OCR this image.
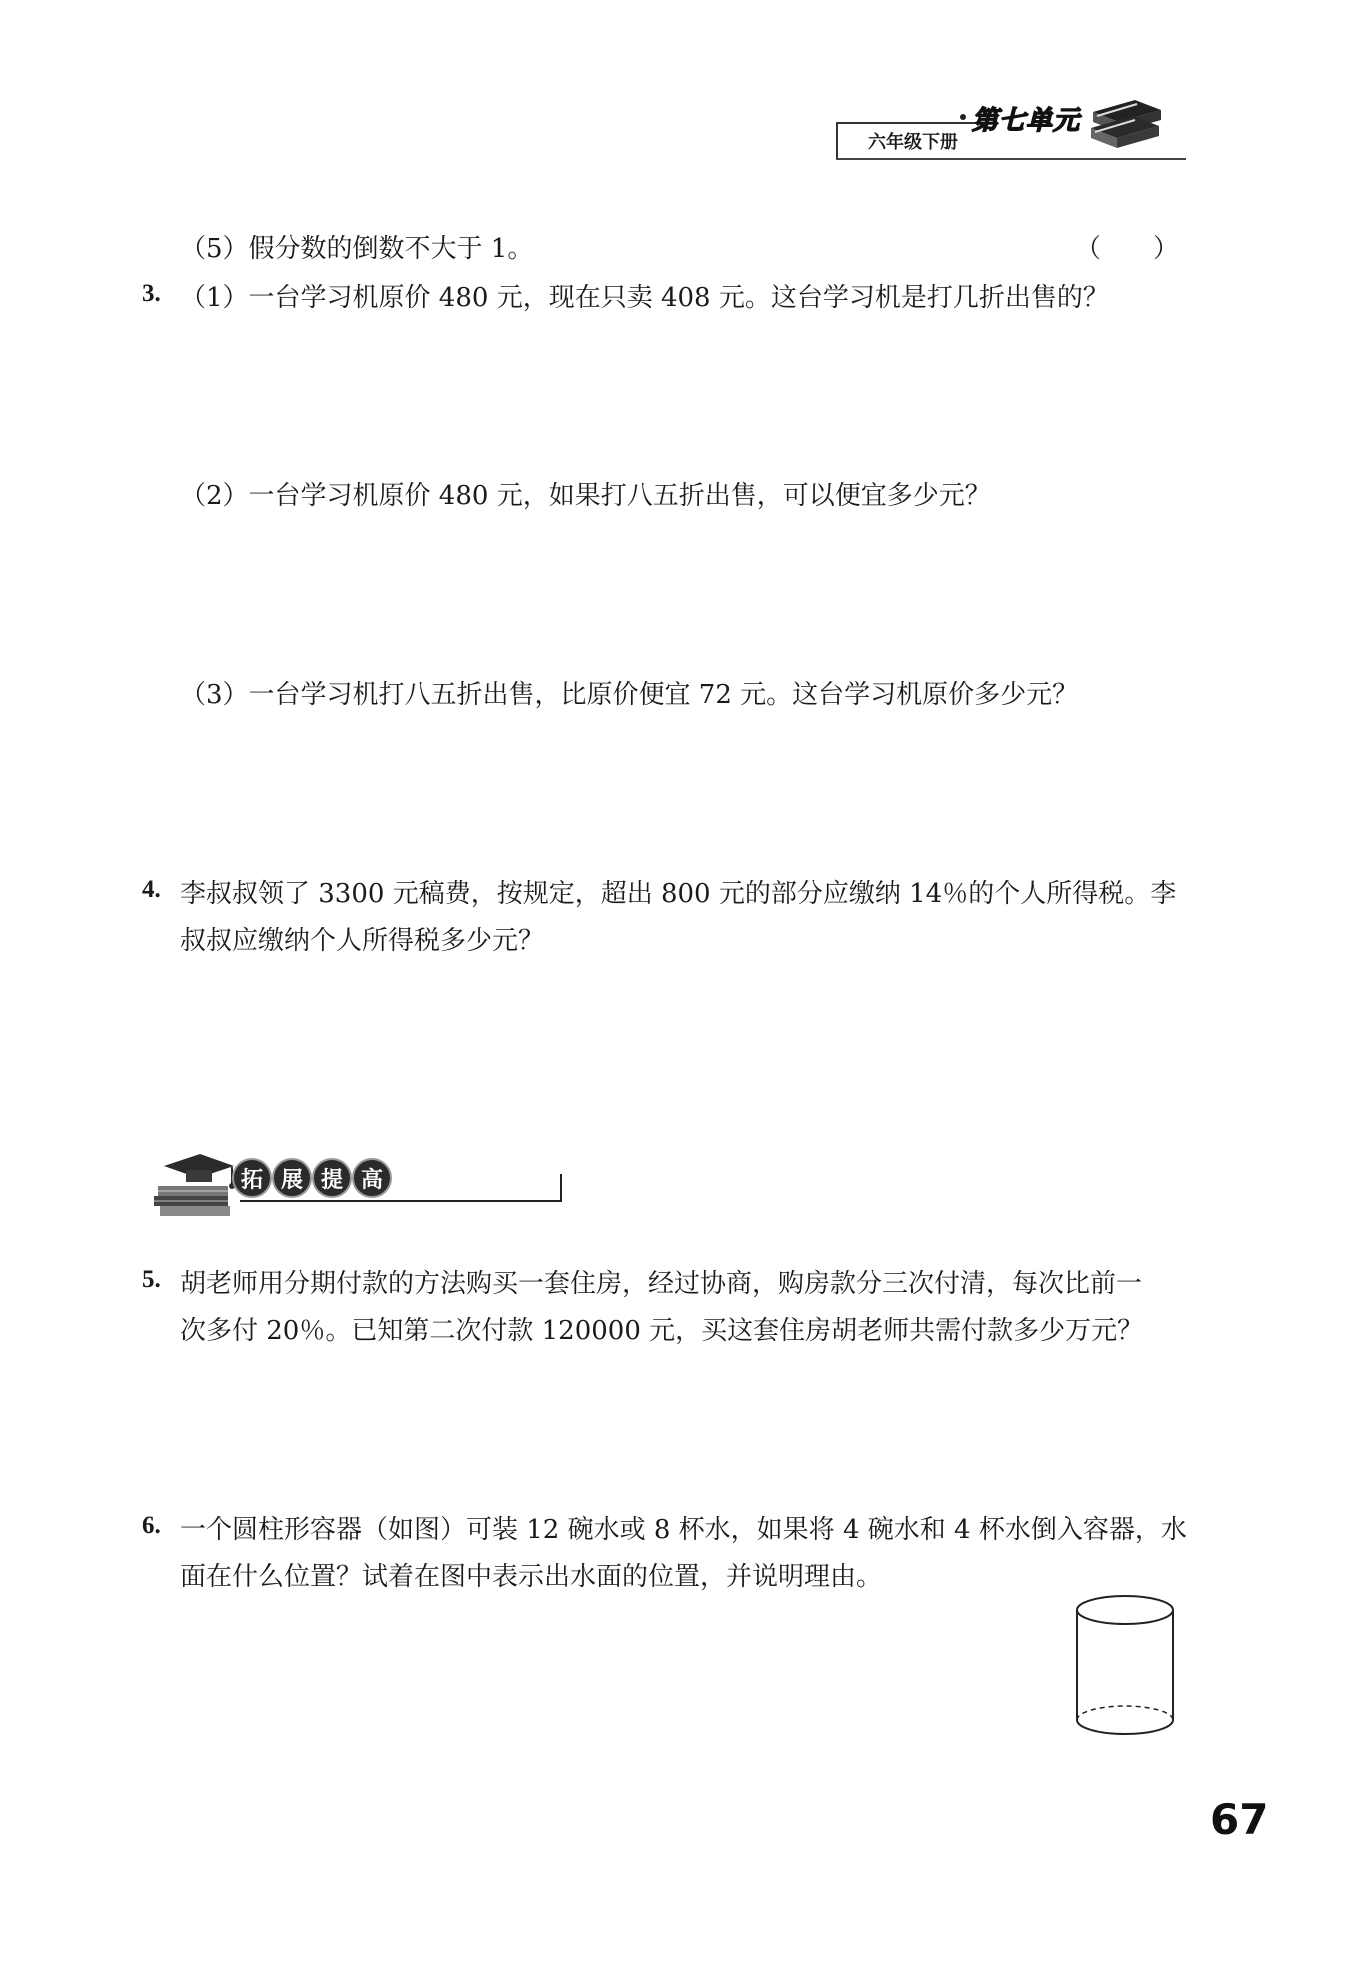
六年级下册
第七单元
（5）假分数的倒数不大于 1。	（　　）
3. （1）一台学习机原价 480 元，现在只卖 408 元。这台学习机是打几折出售的？
（2）一台学习机原价 480 元，如果打八五折出售，可以便宜多少元？
（3）一台学习机打八五折出售，比原价便宜 72 元。这台学习机原价多少元？
4. 李叔叔领了 3300 元稿费，按规定，超出 800 元的部分应缴纳 14％的个人所得税。李
叔叔应缴纳个人所得税多少元？
拓 展 提 高
5. 胡老师用分期付款的方法购买一套住房，经过协商，购房款分三次付清，每次比前一
次多付 20％。已知第二次付款 120000 元，买这套住房胡老师共需付款多少万元？
6. 一个圆柱形容器（如图）可装 12 碗水或 8 杯水，如果将 4 碗水和 4 杯水倒入容器，水
面在什么位置？试着在图中表示出水面的位置，并说明理由。
67
